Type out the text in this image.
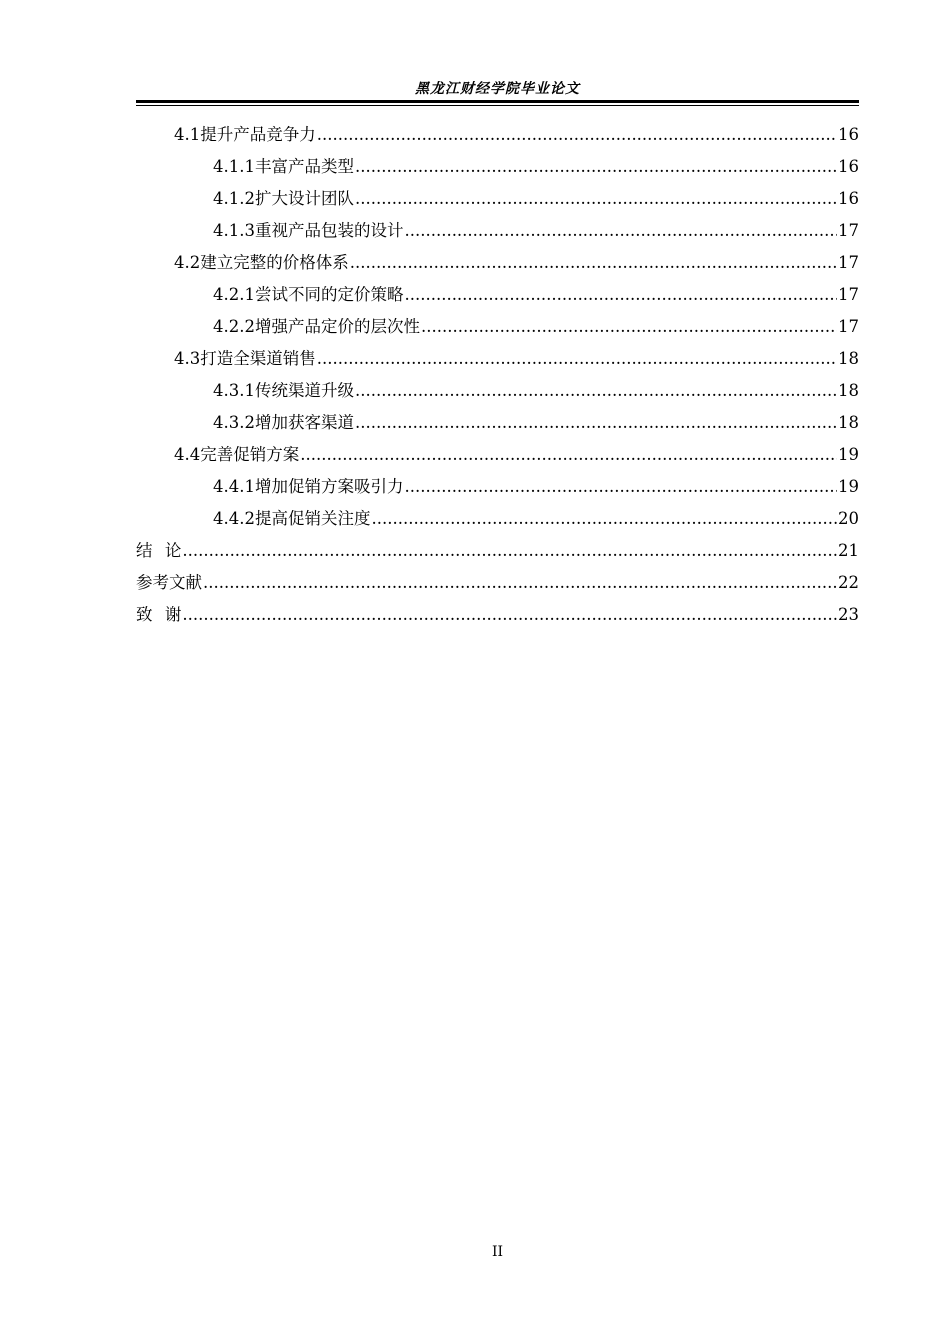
黑龙江财经学院毕业论文
4.1 提升产品竞争力 .....	16
4.1.1 丰富产品类型 .....	16
4.1.2 扩大设计团队 .....	16
4.1.3 重视产品包装的设计 .....	17
4.2 建立完整的价格体系 .....	17
4.2.1 尝试不同的定价策略 .....	17
4.2.2 增强产品定价的层次性 .....	17
4.3 打造全渠道销售 .....	18
4.3.1 传统渠道升级 .....	18
4.3.2 增加获客渠道 .....	18
4.4 完善促销方案 .....	19
4.4.1 增加促销方案吸引力 .....	19
4.4.2 提高促销关注度 .....	20
结 论 .....	21
参考文献 .....	22
致 谢 .....	23
II
